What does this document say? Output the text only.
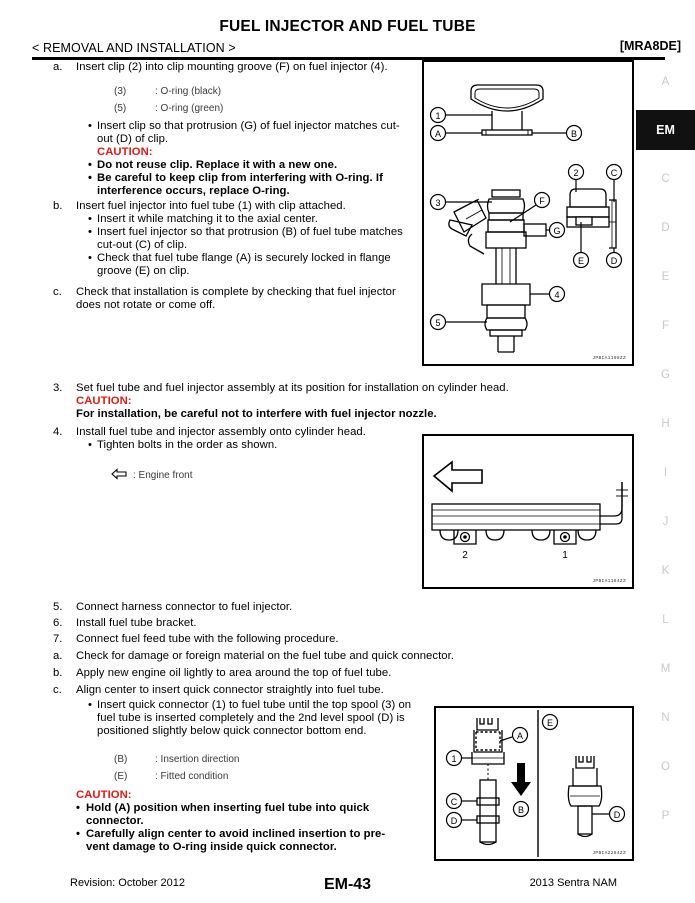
FUEL INJECTOR AND FUEL TUBE
< REMOVAL AND INSTALLATION >	[MRA8DE]
A
EM
C
D
E
F
G
H
I
J
K
L
M
N
O
P
a. Insert clip (2) into clip mounting groove (F) on fuel injector (4).
(3)	: O-ring (black)
(5)	: O-ring (green)
• Insert clip so that protrusion (G) of fuel injector matches cut-
out (D) of clip.
CAUTION:
• Do not reuse clip. Replace it with a new one.
• Be careful to keep clip from interfering with O-ring. If
interference occurs, replace O-ring.
b. Insert fuel injector into fuel tube (1) with clip attached.
• Insert it while matching it to the axial center.
• Insert fuel injector so that protrusion (B) of fuel tube matches
cut-out (C) of clip.
• Check that fuel tube flange (A) is securely locked in flange
groove (E) on clip.
c. Check that installation is complete by checking that fuel injector
does not rotate or come off.
1
A	B
3	F
G
4
5
2	C
E	D
JPBIA1198ZZ
3. Set fuel tube and fuel injector assembly at its position for installation on cylinder head.
CAUTION:
For installation, be careful not to interfere with fuel injector nozzle.
4. Install fuel tube and injector assembly onto cylinder head.
• Tighten bolts in the order as shown.
: Engine front
2	1
JPBIA1184ZZ
5. Connect harness connector to fuel injector.
6. Install fuel tube bracket.
7. Connect fuel feed tube with the following procedure.
a. Check for damage or foreign material on the fuel tube and quick connector.
b. Apply new engine oil lightly to area around the top of fuel tube.
c. Align center to insert quick connector straightly into fuel tube.
• Insert quick connector (1) to fuel tube until the top spool (3) on
fuel tube is inserted completely and the 2nd level spool (D) is
positioned slightly below quick connector bottom end.
(B)	: Insertion direction
(E)	: Fitted condition
CAUTION:
• Hold (A) position when inserting fuel tube into quick
connector.
• Carefully align center to avoid inclined insertion to pre-
vent damage to O-ring inside quick connector.
A
1
B
C
D
E
D
JPBIA2284ZZ
Revision: October 2012	EM-43	2013 Sentra NAM
